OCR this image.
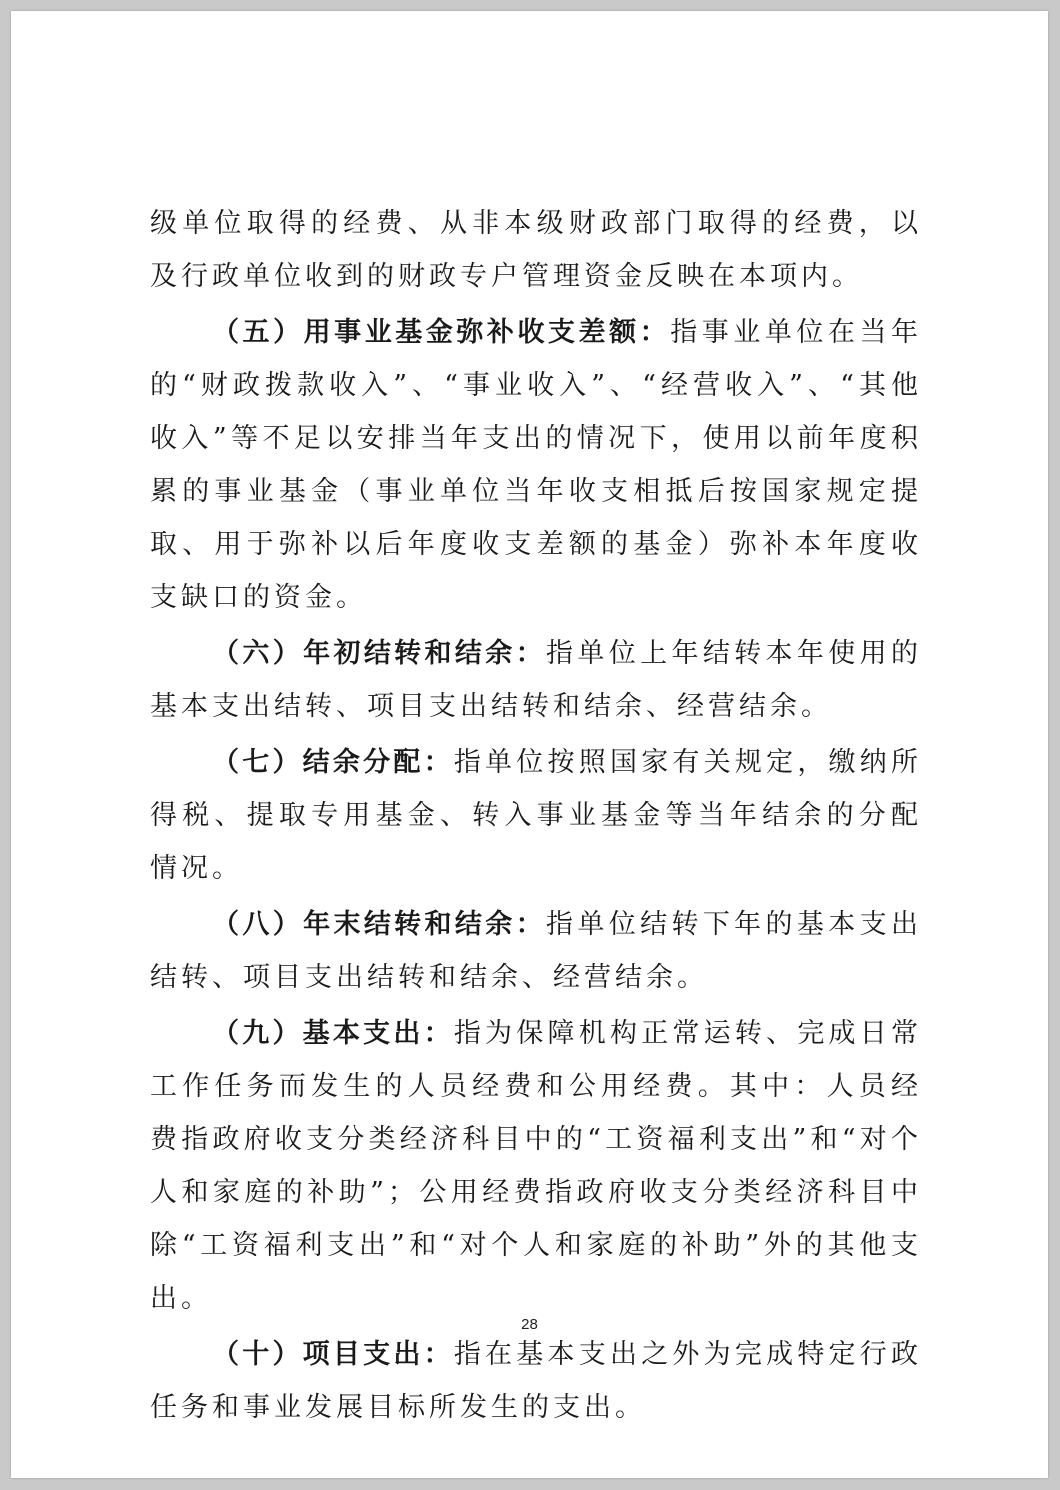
级单位取得的经费、从非本级财政部门取得的经费，以及行政单位收到的财政专户管理资金反映在本项内。

（五）用事业基金弥补收支差额：指事业单位在当年的“财政拨款收入”、“事业收入”、“经营收入”、“其他收入”等不足以安排当年支出的情况下，使用以前年度积累的事业基金（事业单位当年收支相抵后按国家规定提取、用于弥补以后年度收支差额的基金）弥补本年度收支缺口的资金。

（六）年初结转和结余：指单位上年结转本年使用的基本支出结转、项目支出结转和结余、经营结余。

（七）结余分配：指单位按照国家有关规定，缴纳所得税、提取专用基金、转入事业基金等当年结余的分配情况。

（八）年末结转和结余：指单位结转下年的基本支出结转、项目支出结转和结余、经营结余。

（九）基本支出：指为保障机构正常运转、完成日常工作任务而发生的人员经费和公用经费。其中：人员经费指政府收支分类经济科目中的“工资福利支出”和“对个人和家庭的补助”；公用经费指政府收支分类经济科目中除“工资福利支出”和“对个人和家庭的补助”外的其他支出。

（十）项目支出：指在基本支出之外为完成特定行政任务和事业发展目标所发生的支出。

28
